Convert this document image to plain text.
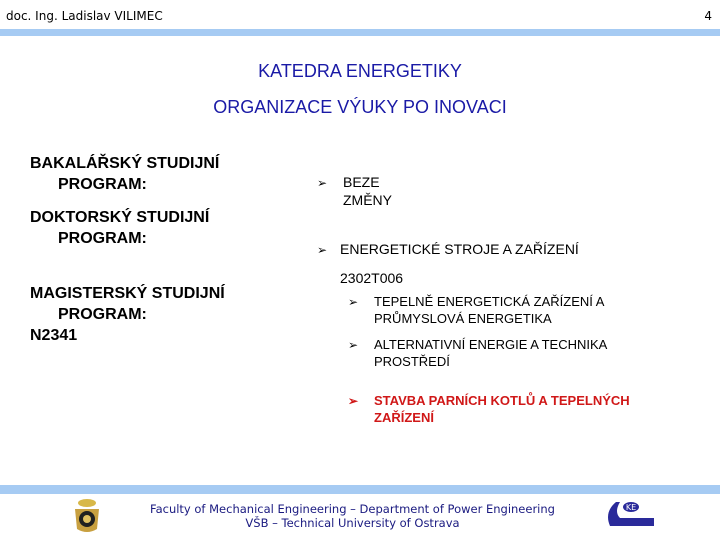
doc. Ing. Ladislav VILIMEC	4
KATEDRA ENERGETIKY
ORGANIZACE VÝUKY PO INOVACI
BAKALÁŘSKÝ STUDIJNÍ
PROGRAM:
DOKTORSKÝ STUDIJNÍ
PROGRAM:
MAGISTERSKÝ STUDIJNÍ
PROGRAM:
N2341
➢ BEZE
ZMĚNY
➢ ENERGETICKÉ STROJE A ZAŘÍZENÍ
2302T006
➢ TEPELNĚ ENERGETICKÁ ZAŘÍZENÍ A
PRŮMYSLOVÁ ENERGETIKA
➢ ALTERNATIVNÍ ENERGIE A TECHNIKA
PROSTŘEDÍ
➢ STAVBA PARNÍCH KOTLŮ A TEPELNÝCH
ZAŘÍZENÍ
Faculty of Mechanical Engineering – Department of Power Engineering
VŠB – Technical University of Ostrava
KE
